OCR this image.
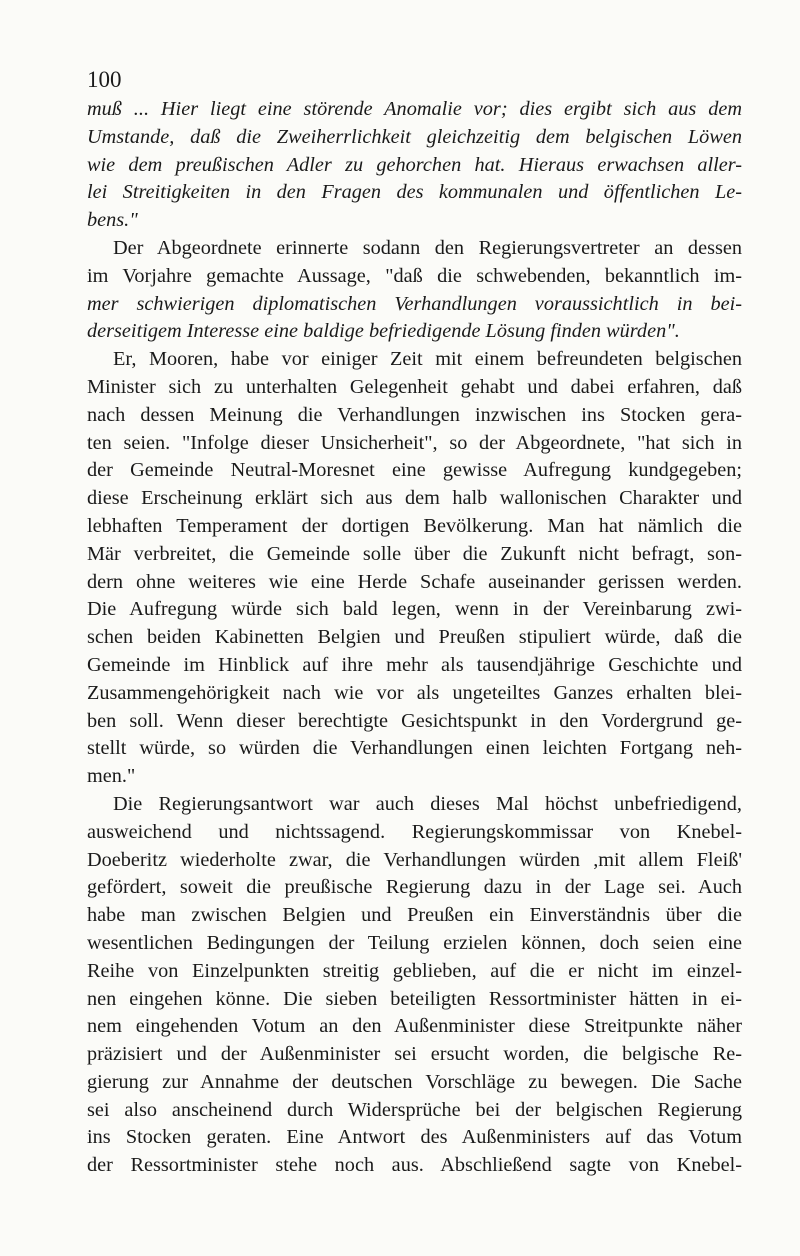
100
muß ... Hier liegt eine störende Anomalie vor; dies ergibt sich aus dem
Umstande, daß die Zweiherrlichkeit gleichzeitig dem belgischen Löwen
wie dem preußischen Adler zu gehorchen hat. Hieraus erwachsen aller-
lei Streitigkeiten in den Fragen des kommunalen und öffentlichen Le-
bens."
Der Abgeordnete erinnerte sodann den Regierungsvertreter an dessen
im Vorjahre gemachte Aussage, "daß die schwebenden, bekanntlich im-
mer schwierigen diplomatischen Verhandlungen voraussichtlich in bei-
derseitigem Interesse eine baldige befriedigende Lösung finden würden".
Er, Mooren, habe vor einiger Zeit mit einem befreundeten belgischen
Minister sich zu unterhalten Gelegenheit gehabt und dabei erfahren, daß
nach dessen Meinung die Verhandlungen inzwischen ins Stocken gera-
ten seien. "Infolge dieser Unsicherheit", so der Abgeordnete, "hat sich in
der Gemeinde Neutral-Moresnet eine gewisse Aufregung kundgegeben;
diese Erscheinung erklärt sich aus dem halb wallonischen Charakter und
lebhaften Temperament der dortigen Bevölkerung. Man hat nämlich die
Mär verbreitet, die Gemeinde solle über die Zukunft nicht befragt, son-
dern ohne weiteres wie eine Herde Schafe auseinander gerissen werden.
Die Aufregung würde sich bald legen, wenn in der Vereinbarung zwi-
schen beiden Kabinetten Belgien und Preußen stipuliert würde, daß die
Gemeinde im Hinblick auf ihre mehr als tausendjährige Geschichte und
Zusammengehörigkeit nach wie vor als ungeteiltes Ganzes erhalten blei-
ben soll. Wenn dieser berechtigte Gesichtspunkt in den Vordergrund ge-
stellt würde, so würden die Verhandlungen einen leichten Fortgang neh-
men."
Die Regierungsantwort war auch dieses Mal höchst unbefriedigend,
ausweichend und nichtssagend. Regierungskommissar von Knebel-
Doeberitz wiederholte zwar, die Verhandlungen würden ,mit allem Fleiß'
gefördert, soweit die preußische Regierung dazu in der Lage sei. Auch
habe man zwischen Belgien und Preußen ein Einverständnis über die
wesentlichen Bedingungen der Teilung erzielen können, doch seien eine
Reihe von Einzelpunkten streitig geblieben, auf die er nicht im einzel-
nen eingehen könne. Die sieben beteiligten Ressortminister hätten in ei-
nem eingehenden Votum an den Außenminister diese Streitpunkte näher
präzisiert und der Außenminister sei ersucht worden, die belgische Re-
gierung zur Annahme der deutschen Vorschläge zu bewegen. Die Sache
sei also anscheinend durch Widersprüche bei der belgischen Regierung
ins Stocken geraten. Eine Antwort des Außenministers auf das Votum
der Ressortminister stehe noch aus. Abschließend sagte von Knebel-
